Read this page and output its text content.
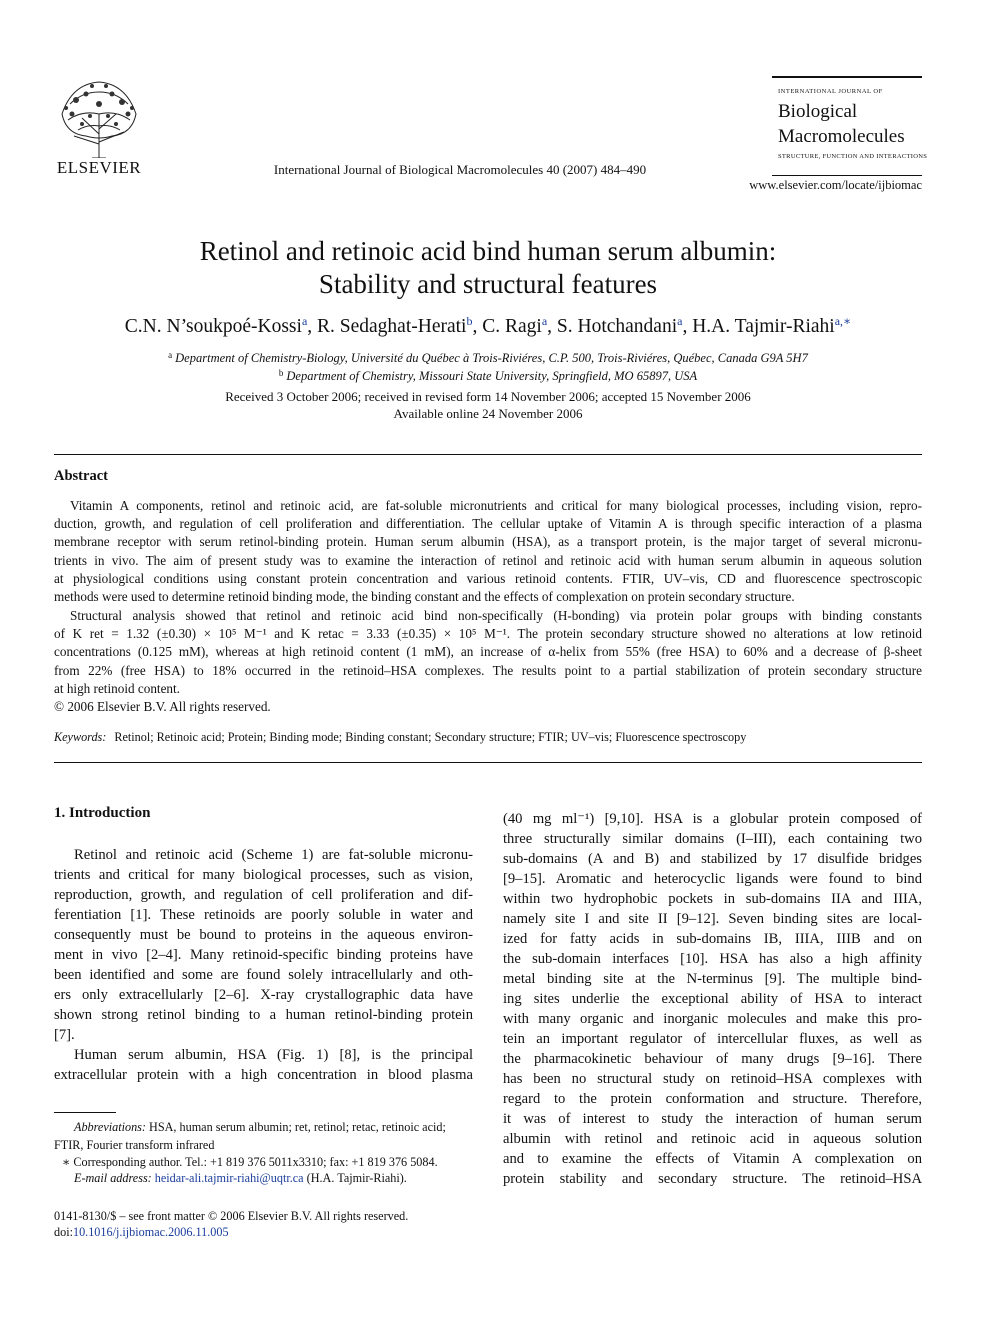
ELSEVIER	International Journal of Biological Macromolecules 40 (2007) 484–490
INTERNATIONAL JOURNAL OF
Biological
Macromolecules
STRUCTURE, FUNCTION AND INTERACTIONS
www.elsevier.com/locate/ijbiomac
Retinol and retinoic acid bind human serum albumin:
Stability and structural features
C.N. N’soukpoé-Kossi$^a$, R. Sedaghat-Herati$^b$, C. Ragi$^a$, S. Hotchandani$^a$, H.A. Tajmir-Riahi$^{a,∗}$
$^a$ Department of Chemistry-Biology, Université du Québec à Trois-Riviéres, C.P. 500, Trois-Riviéres, Québec, Canada G9A 5H7
$^b$ Department of Chemistry, Missouri State University, Springfield, MO 65897, USA
Received 3 October 2006; received in revised form 14 November 2006; accepted 15 November 2006
Available online 24 November 2006
Abstract
Vitamin A components, retinol and retinoic acid, are fat-soluble micronutrients and critical for many biological processes, including vision, repro-
duction, growth, and regulation of cell proliferation and differentiation. The cellular uptake of Vitamin A is through specific interaction of a plasma
membrane receptor with serum retinol-binding protein. Human serum albumin (HSA), as a transport protein, is the major target of several micronu-
trients in vivo. The aim of present study was to examine the interaction of retinol and retinoic acid with human serum albumin in aqueous solution
at physiological conditions using constant protein concentration and various retinoid contents. FTIR, UV–vis, CD and fluorescence spectroscopic
methods were used to determine retinoid binding mode, the binding constant and the effects of complexation on protein secondary structure.
Structural analysis showed that retinol and retinoic acid bind non-specifically (H-bonding) via protein polar groups with binding constants
of K ret = 1.32 (±0.30) × 10⁵ M⁻¹ and K retac = 3.33 (±0.35) × 10⁵ M⁻¹. The protein secondary structure showed no alterations at low retinoid
concentrations (0.125 mM), whereas at high retinoid content (1 mM), an increase of α-helix from 55% (free HSA) to 60% and a decrease of β-sheet
from 22% (free HSA) to 18% occurred in the retinoid–HSA complexes. The results point to a partial stabilization of protein secondary structure
at high retinoid content.
© 2006 Elsevier B.V. All rights reserved.
Keywords: Retinol; Retinoic acid; Protein; Binding mode; Binding constant; Secondary structure; FTIR; UV–vis; Fluorescence spectroscopy
1. Introduction
Retinol and retinoic acid (Scheme 1) are fat-soluble micronu-
trients and critical for many biological processes, such as vision,
reproduction, growth, and regulation of cell proliferation and dif-
ferentiation [1]. These retinoids are poorly soluble in water and
consequently must be bound to proteins in the aqueous environ-
ment in vivo [2–4]. Many retinoid-specific binding proteins have
been identified and some are found solely intracellularly and oth-
ers only extracellularly [2–6]. X-ray crystallographic data have
shown strong retinol binding to a human retinol-binding protein
[7].
Human serum albumin, HSA (Fig. 1) [8], is the principal
extracellular protein with a high concentration in blood plasma
(40 mg ml⁻¹) [9,10]. HSA is a globular protein composed of
three structurally similar domains (I–III), each containing two
sub-domains (A and B) and stabilized by 17 disulfide bridges
[9–15]. Aromatic and heterocyclic ligands were found to bind
within two hydrophobic pockets in sub-domains IIA and IIIA,
namely site I and site II [9–12]. Seven binding sites are local-
ized for fatty acids in sub-domains IB, IIIA, IIIB and on
the sub-domain interfaces [10]. HSA has also a high affinity
metal binding site at the N-terminus [9]. The multiple bind-
ing sites underlie the exceptional ability of HSA to interact
with many organic and inorganic molecules and make this pro-
tein an important regulator of intercellular fluxes, as well as
the pharmacokinetic behaviour of many drugs [9–16]. There
has been no structural study on retinoid–HSA complexes with
regard to the protein conformation and structure. Therefore,
it was of interest to study the interaction of human serum
albumin with retinol and retinoic acid in aqueous solution
and to examine the effects of Vitamin A complexation on
protein stability and secondary structure. The retinoid–HSA
Abbreviations: HSA, human serum albumin; ret, retinol; retac, retinoic acid;
FTIR, Fourier transform infrared
∗ Corresponding author. Tel.: +1 819 376 5011x3310; fax: +1 819 376 5084.
E-mail address: heidar-ali.tajmir-riahi@uqtr.ca (H.A. Tajmir-Riahi).
0141-8130/$ – see front matter © 2006 Elsevier B.V. All rights reserved.
doi:10.1016/j.ijbiomac.2006.11.005
